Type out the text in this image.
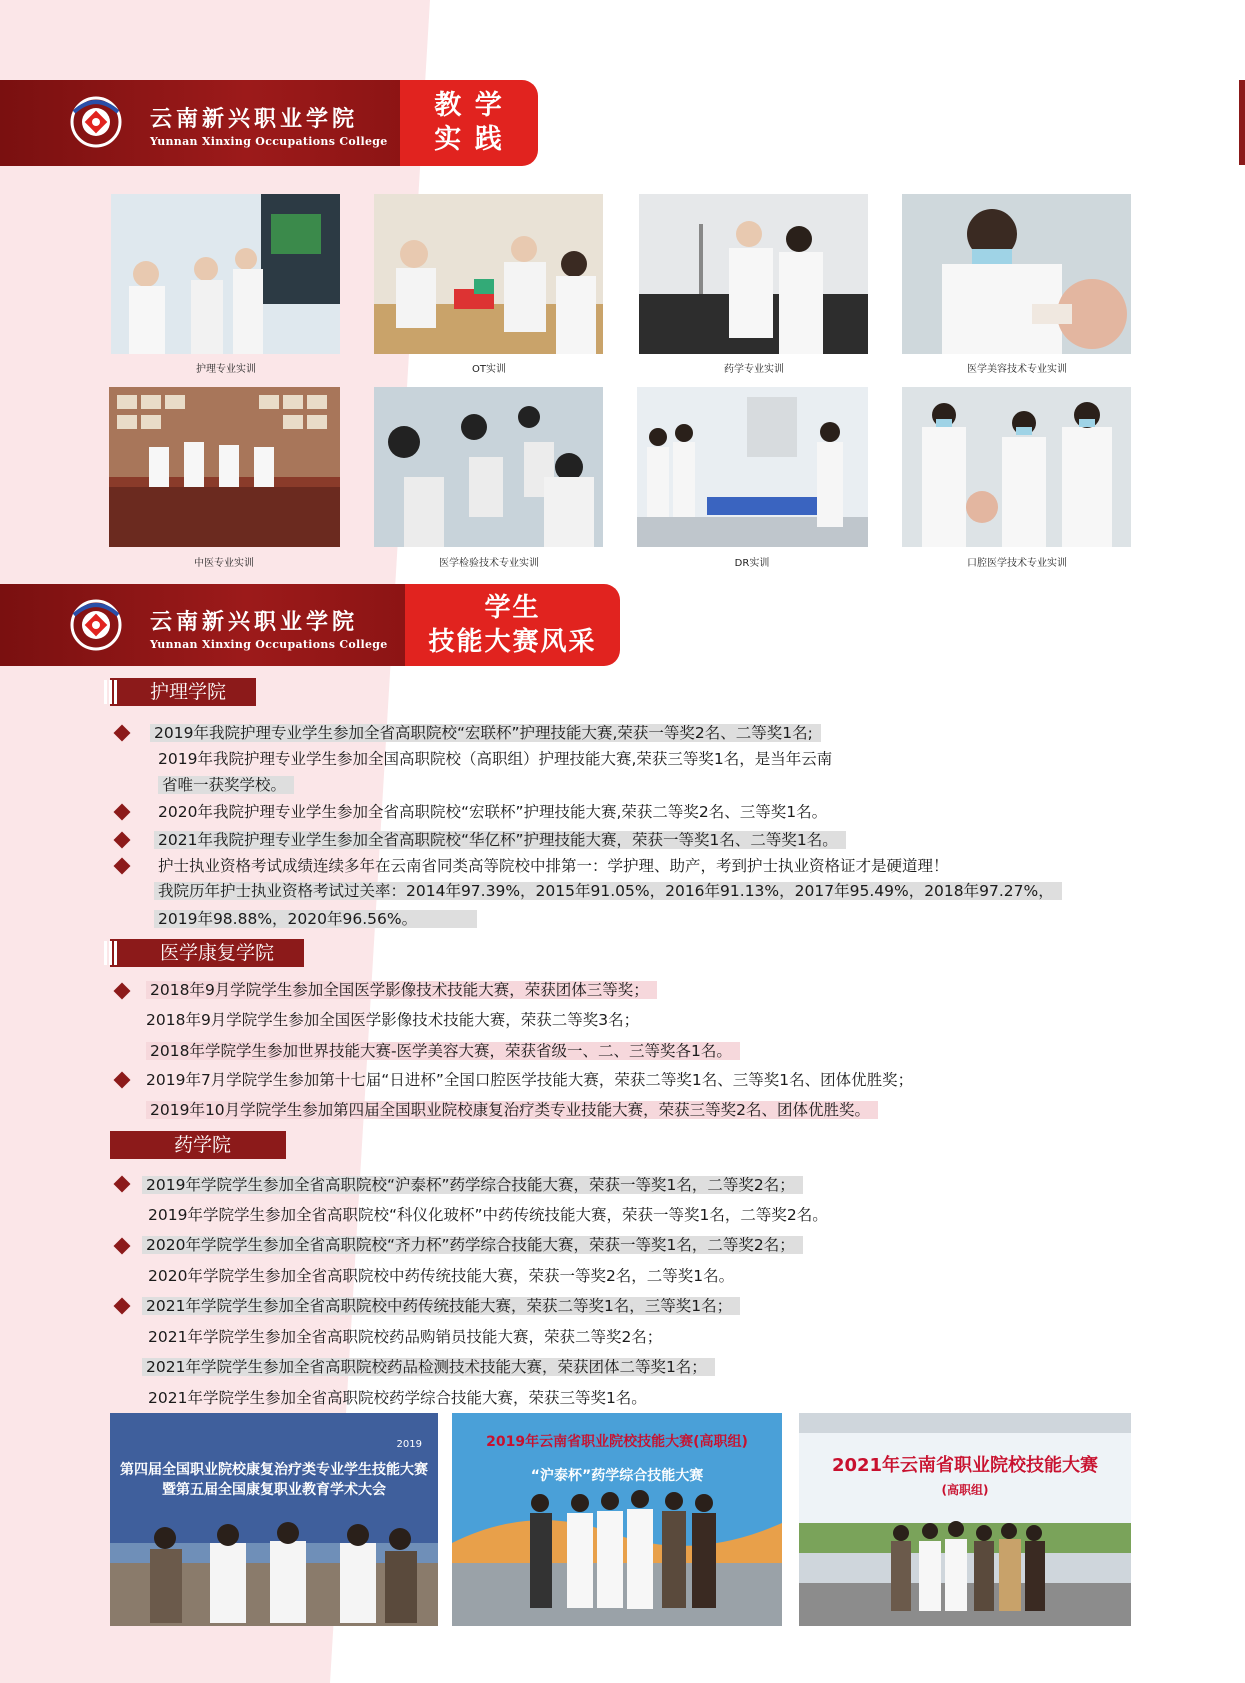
云南新兴职业学院
Yunnan Xinxing Occupations College
教 学
实 践
护理专业实训	OT实训	药学专业实训	医学美容技术专业实训
中医专业实训	医学检验技术专业实训	DR实训	口腔医学技术专业实训
云南新兴职业学院
Yunnan Xinxing Occupations College
学生
技能大赛风采
护理学院
2019年我院护理专业学生参加全省高职院校“宏联杯”护理技能大赛,荣获一等奖2名、二等奖1名;
2019年我院护理专业学生参加全国高职院校（高职组）护理技能大赛,荣获三等奖1名，是当年云南
省唯一获奖学校。
2020年我院护理专业学生参加全省高职院校“宏联杯”护理技能大赛,荣获二等奖2名、三等奖1名。
2021年我院护理专业学生参加全省高职院校“华亿杯”护理技能大赛，荣获一等奖1名、二等奖1名。
护士执业资格考试成绩连续多年在云南省同类高等院校中排第一：学护理、助产，考到护士执业资格证才是硬道理！
我院历年护士执业资格考试过关率：2014年97.39%，2015年91.05%，2016年91.13%，2017年95.49%，2018年97.27%，
2019年98.88%，2020年96.56%。
医学康复学院
2018年9月学院学生参加全国医学影像技术技能大赛，荣获团体三等奖；
2018年9月学院学生参加全国医学影像技术技能大赛，荣获二等奖3名；
2018年学院学生参加世界技能大赛-医学美容大赛，荣获省级一、二、三等奖各1名。
2019年7月学院学生参加第十七届“日进杯”全国口腔医学技能大赛，荣获二等奖1名、三等奖1名、团体优胜奖；
2019年10月学院学生参加第四届全国职业院校康复治疗类专业技能大赛，荣获三等奖2名、团体优胜奖。
药学院
2019年学院学生参加全省高职院校“沪泰杯”药学综合技能大赛，荣获一等奖1名，二等奖2名；
2019年学院学生参加全省高职院校“科仪化玻杯”中药传统技能大赛，荣获一等奖1名，二等奖2名。
2020年学院学生参加全省高职院校“齐力杯”药学综合技能大赛，荣获一等奖1名，二等奖2名；
2020年学院学生参加全省高职院校中药传统技能大赛，荣获一等奖2名，二等奖1名。
2021年学院学生参加全省高职院校中药传统技能大赛，荣获二等奖1名，三等奖1名；
2021年学院学生参加全省高职院校药品购销员技能大赛，荣获二等奖2名；
2021年学院学生参加全省高职院校药品检测技术技能大赛，荣获团体二等奖1名；
2021年学院学生参加全省高职院校药学综合技能大赛，荣获三等奖1名。
第四届全国职业院校康复治疗类专业学生技能大赛
暨第五届全国康复职业教育学术大会
2019	2019年云南省职业院校技能大赛(高职组)
“沪泰杯”药学综合技能大赛	2021年云南省职业院校技能大赛
(高职组)
